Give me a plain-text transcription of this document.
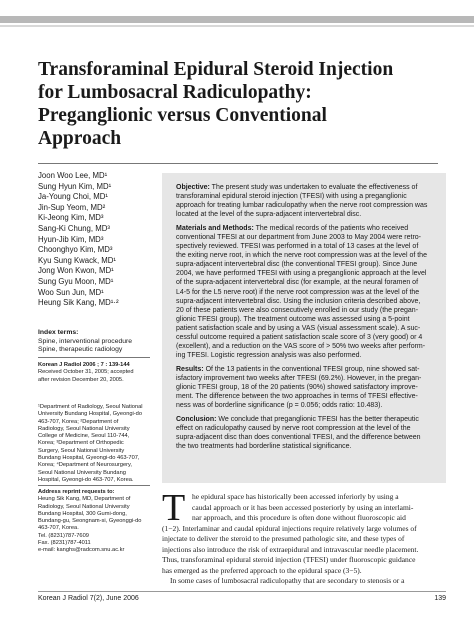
Transforaminal Epidural Steroid Injection
for Lumbosacral Radiculopathy:
Preganglionic versus Conventional
Approach
Joon Woo Lee, MD¹
Sung Hyun Kim, MD¹
Ja-Young Choi, MD¹
Jin-Sup Yeom, MD²
Ki-Jeong Kim, MD³
Sang-Ki Chung, MD³
Hyun-Jib Kim, MD³
Choonghyo Kim, MD³
Kyu Sung Kwack, MD¹
Jong Won Kwon, MD¹
Sung Gyu Moon, MD¹
Woo Sun Jun, MD¹
Heung Sik Kang, MD¹·²
Index terms:
Spine, interventional procedure
Spine, therapeutic radiology
Korean J Radiol 2006 ; 7 : 139-144
Received October 31, 2005; accepted
after revision December 20, 2005.
¹Department of Radiology, Seoul National
University Bundang Hospital, Gyeongi-do
463-707, Korea; ²Department of
Radiology, Seoul National University
College of Medicine, Seoul 110-744,
Korea; ³Department of Orthopedic
Surgery, Seoul National University
Bundang Hospital, Gyeongi-do 463-707,
Korea; ⁴Department of Neurosurgery,
Seoul National University Bundang
Hospital, Gyeongi-do 463-707, Korea.
Address reprint requests to:
Heung Sik Kang, MD, Department of
Radiology, Seoul National University
Bundang Hospital, 300 Gumi-dong,
Bundang-gu, Seongnam-si, Gyeonggi-do
463-707, Korea.
Tel. (8231)787-7609
Fax. (8231)787-4011
e-mail: kanghs@radcom.snu.ac.kr
Objective: The present study was undertaken to evaluate the effectiveness of
transforaminal epidural steroid injection (TFESI) with using a preganglionic
approach for treating lumbar radiculopathy when the nerve root compression was
located at the level of the supra-adjacent intervertebral disc.
Materials and Methods: The medical records of the patients who received
conventional TFESI at our department from June 2003 to May 2004 were retro-
spectively reviewed. TFESI was performed in a total of 13 cases at the level of
the exiting nerve root, in which the nerve root compression was at the level of the
supra-adjacent intervertebral disc (the conventional TFESI group). Since June
2004, we have performed TFESI with using a preganglionic approach at the level
of the supra-adjacent intervertebral disc (for example, at the neural foramen of
L4-5 for the L5 nerve root) if the nerve root compression was at the level of the
supra-adjacent intervertebral disc. Using the inclusion criteria described above,
20 of these patients were also consecutively enrolled in our study (the pregan-
glionic TFESI group). The treatment outcome was assessed using a 5-point
patient satisfaction scale and by using a VAS (visual assessment scale). A suc-
cessful outcome required a patient satisfaction scale score of 3 (very good) or 4
(excellent), and a reduction on the VAS score of > 50% two weeks after perform-
ing TFESI. Logistic regression analysis was also performed.
Results: Of the 13 patients in the conventional TFESI group, nine showed sat-
isfactory improvement two weeks after TFESI (69.2%). However, in the pregan-
glionic TFESI group, 18 of the 20 patients (90%) showed satisfactory improve-
ment. The difference between the two approaches in terms of TFESI effective-
ness was of borderline significance (p = 0.056; odds ratio: 10.483).
Conclusion: We conclude that preganglionic TFESI has the better therapeutic
effect on radiculopathy caused by nerve root compression at the level of the
supra-adjacent disc than does conventional TFESI, and the difference between
the two treatments had borderline statistical significance.
T he epidural space has historically been accessed inferiorly by using a
caudal approach or it has been accessed posteriorly by using an interlami-
nar approach, and this procedure is often done without fluoroscopic aid
(1−2). Interlaminar and caudal epidural injections require relatively large volumes of
injectate to deliver the steroid to the presumed pathologic site, and these types of
injections also introduce the risk of extraepidural and intravascular needle placement.
Thus, transforaminal epidural steroid injection (TFESI) under fluoroscopic guidance
has emerged as the preferred approach to the epidural space (3−5).
In some cases of lumbosacral radiculopathy that are secondary to stenosis or a
Korean J Radiol 7(2), June 2006	139
